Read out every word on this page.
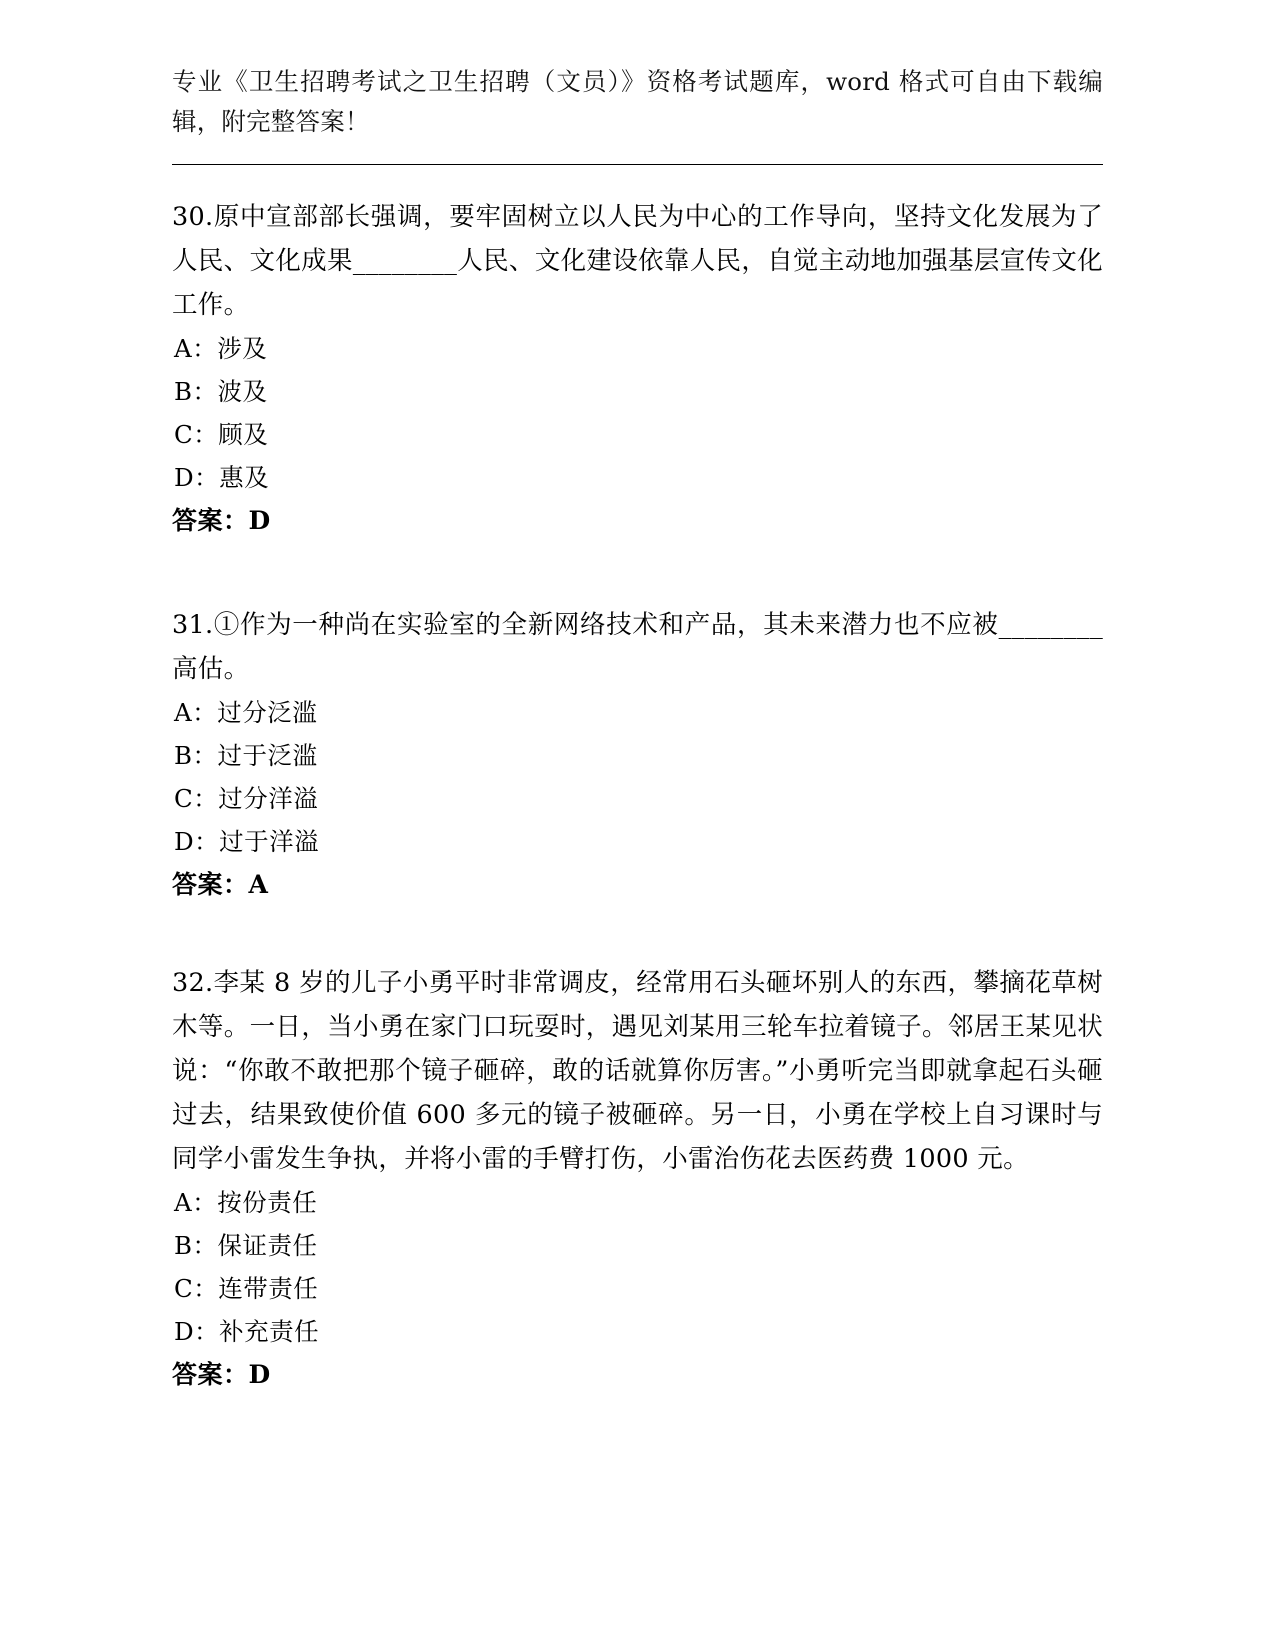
专业《卫生招聘考试之卫生招聘（文员）》资格考试题库，word 格式可自由下载编辑，附完整答案！
30.原中宣部部长强调，要牢固树立以人民为中心的工作导向，坚持文化发展为了人民、文化成果________人民、文化建设依靠人民，自觉主动地加强基层宣传文化工作。
A：涉及
B：波及
C：顾及
D：惠及
答案：D
31.①作为一种尚在实验室的全新网络技术和产品，其未来潜力也不应被________高估。
A：过分泛滥
B：过于泛滥
C：过分洋溢
D：过于洋溢
答案：A
32.李某 8 岁的儿子小勇平时非常调皮，经常用石头砸坏别人的东西，攀摘花草树木等。一日，当小勇在家门口玩耍时，遇见刘某用三轮车拉着镜子。邻居王某见状说：“你敢不敢把那个镜子砸碎，敢的话就算你厉害。”小勇听完当即就拿起石头砸过去，结果致使价值 600 多元的镜子被砸碎。另一日，小勇在学校上自习课时与同学小雷发生争执，并将小雷的手臂打伤，小雷治伤花去医药费 1000 元。
A：按份责任
B：保证责任
C：连带责任
D：补充责任
答案：D
